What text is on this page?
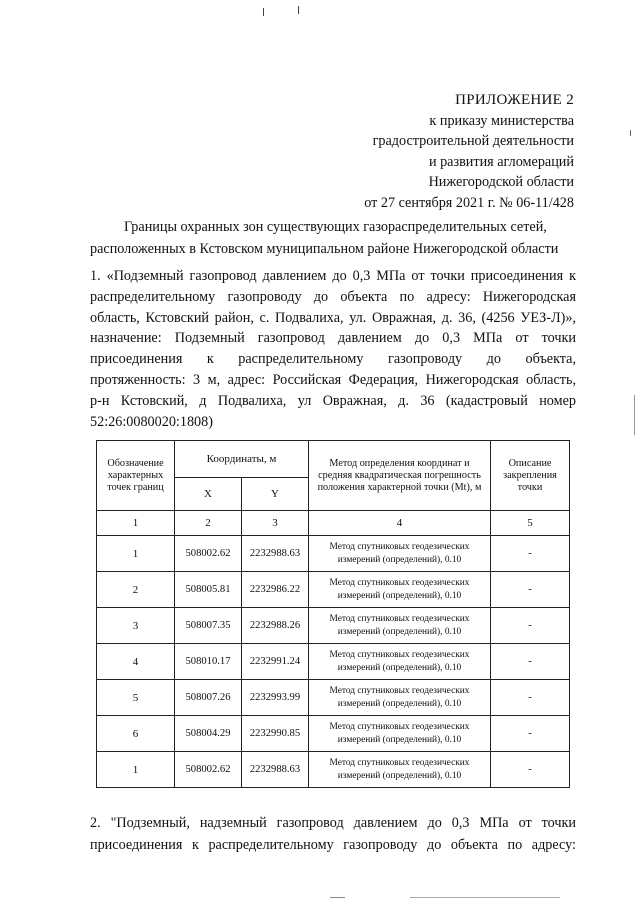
ПРИЛОЖЕНИЕ 2
к приказу министерства
градостроительной деятельности
и развития агломераций
Нижегородской области
от 27 сентября 2021 г. № 06-11/428
Границы охранных зон существующих газораспределительных сетей,
расположенных в Кстовском муниципальном районе Нижегородской области
1. «Подземный газопровод давлением до 0,3 МПа от точки присоединения к
распределительному газопроводу до объекта по адресу: Нижегородская
область, Кстовский район, с. Подвалиха, ул. Овражная, д. 36, (4256 УЕЗ-Л)»,
назначение: Подземный газопровод давлением до 0,3 МПа от точки
присоединения к распределительному газопроводу до объекта,
протяженность: 3 м, адрес: Российская Федерация, Нижегородская область,
р-н Кстовский, д Подвалиха, ул Овражная, д. 36 (кадастровый номер
52:26:0080020:1808)
Обозначение характерных точек границ	Координаты, м		Метод определения координат и средняя квадратическая погрешность положения характерной точки (Mt), м	Описание закрепления точки
	X	Y		
1	2	3	4	5
1	508002.62	2232988.63	Метод спутниковых геодезических измерений (определений), 0.10	-
2	508005.81	2232986.22	Метод спутниковых геодезических измерений (определений), 0.10	-
3	508007.35	2232988.26	Метод спутниковых геодезических измерений (определений), 0.10	-
4	508010.17	2232991.24	Метод спутниковых геодезических измерений (определений), 0.10	-
5	508007.26	2232993.99	Метод спутниковых геодезических измерений (определений), 0.10	-
6	508004.29	2232990.85	Метод спутниковых геодезических измерений (определений), 0.10	-
1	508002.62	2232988.63	Метод спутниковых геодезических измерений (определений), 0.10	-
2. "Подземный, надземный газопровод давлением до 0,3 МПа от точки
присоединения к распределительному газопроводу до объекта по адресу:
